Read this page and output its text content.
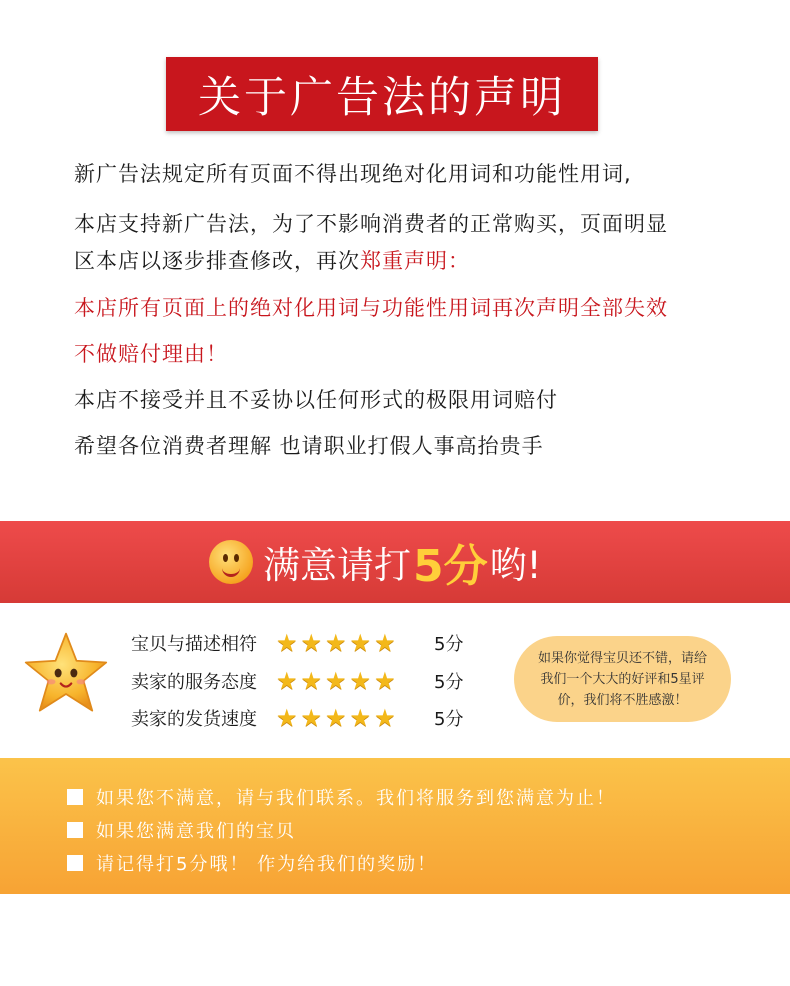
关于广告法的声明
新广告法规定所有页面不得出现绝对化用词和功能性用词,
本店支持新广告法，为了不影响消费者的正常购买，页面明显
区本店以逐步排查修改，再次郑重声明：
本店所有页面上的绝对化用词与功能性用词再次声明全部失效
不做赔付理由！
本店不接受并且不妥协以任何形式的极限用词赔付
希望各位消费者理解 也请职业打假人事高抬贵手
满意请打 5分 哟!
宝贝与描述相符 ★ ★ ★ ★ ★ 5分
卖家的服务态度 ★ ★ ★ ★ ★ 5分
卖家的发货速度 ★ ★ ★ ★ ★ 5分
如果你觉得宝贝还不错，请给我们一个大大的好评和5星评价，我们将不胜感激！
如果您不满意，请与我们联系。我们将服务到您满意为止！
如果您满意我们的宝贝
请记得打5分哦！ 作为给我们的奖励！
